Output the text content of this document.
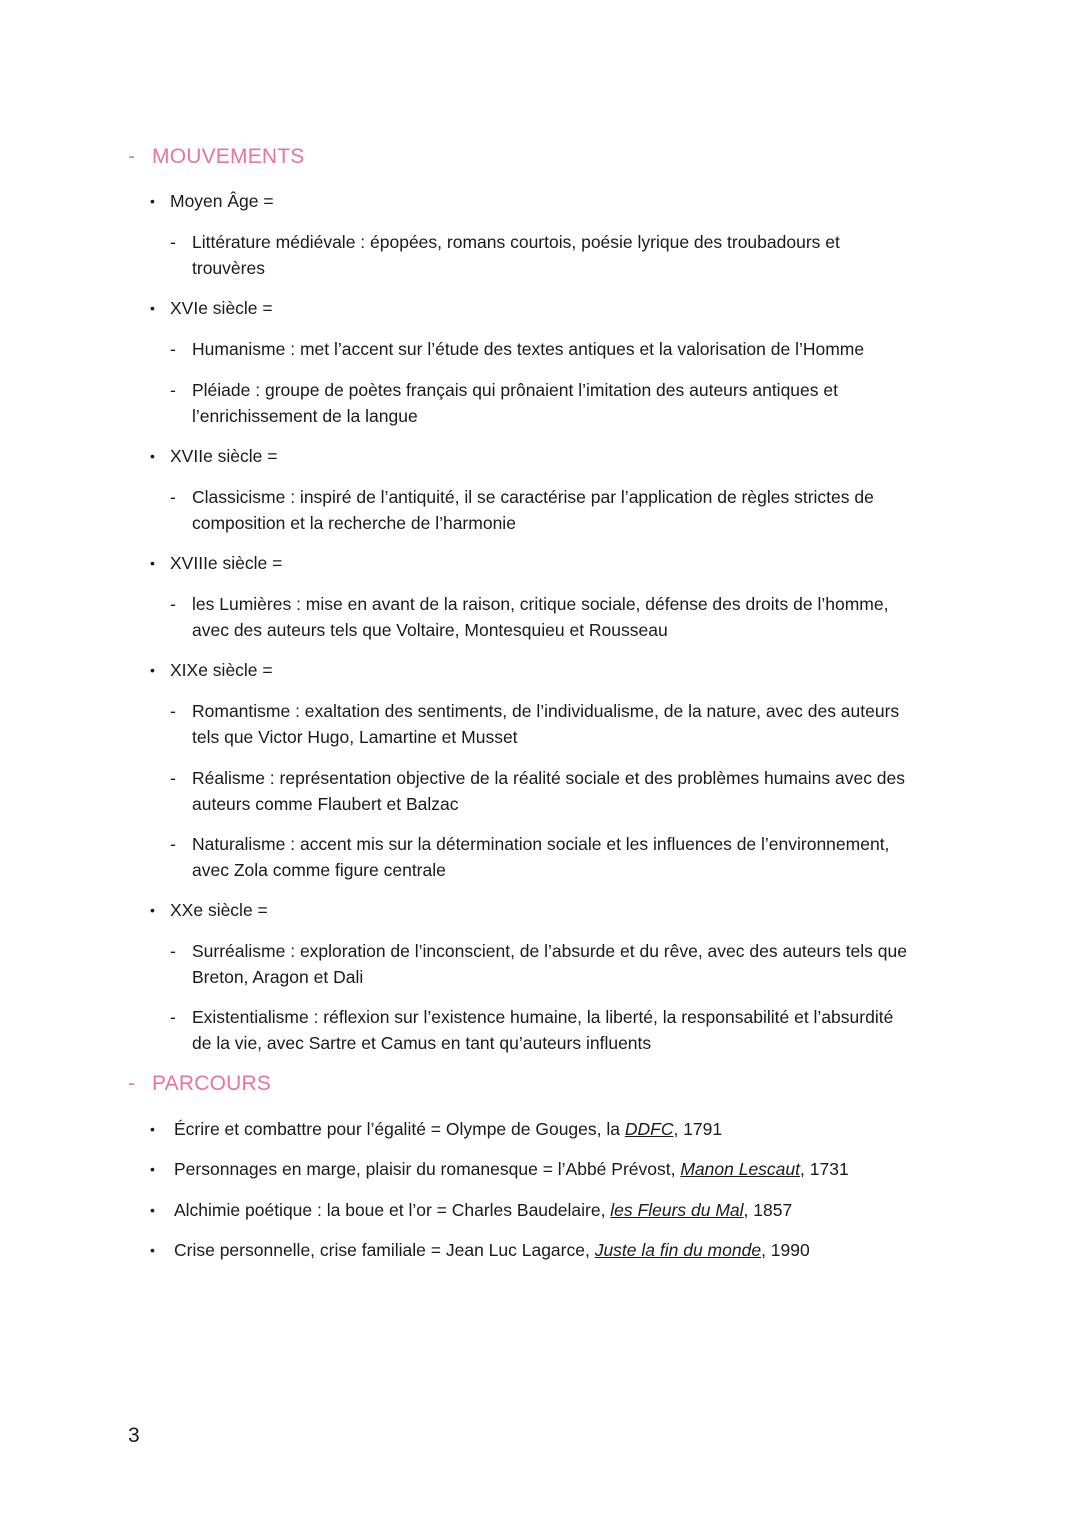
- MOUVEMENTS
• Moyen Âge =
- Littérature médiévale : épopées, romans courtois, poésie lyrique des troubadours et
trouvères
• XVIe siècle =
- Humanisme : met l’accent sur l’étude des textes antiques et la valorisation de l’Homme
- Pléiade : groupe de poètes français qui prônaient l’imitation des auteurs antiques et
l’enrichissement de la langue
• XVIIe siècle =
- Classicisme : inspiré de l’antiquité, il se caractérise par l’application de règles strictes de
composition et la recherche de l’harmonie
• XVIIIe siècle =
- les Lumières : mise en avant de la raison, critique sociale, défense des droits de l’homme,
avec des auteurs tels que Voltaire, Montesquieu et Rousseau
• XIXe siècle =
- Romantisme : exaltation des sentiments, de l’individualisme, de la nature, avec des auteurs
tels que Victor Hugo, Lamartine et Musset
- Réalisme : représentation objective de la réalité sociale et des problèmes humains avec des
auteurs comme Flaubert et Balzac
- Naturalisme : accent mis sur la détermination sociale et les influences de l’environnement,
avec Zola comme figure centrale
• XXe siècle =
- Surréalisme : exploration de l’inconscient, de l’absurde et du rêve, avec des auteurs tels que
Breton, Aragon et Dali
- Existentialisme : réflexion sur l’existence humaine, la liberté, la responsabilité et l’absurdité
de la vie, avec Sartre et Camus en tant qu’auteurs influents
- PARCOURS
• Écrire et combattre pour l’égalité = Olympe de Gouges, la DDFC, 1791
• Personnages en marge, plaisir du romanesque = l’Abbé Prévost, Manon Lescaut, 1731
• Alchimie poétique : la boue et l’or = Charles Baudelaire, les Fleurs du Mal, 1857
• Crise personnelle, crise familiale = Jean Luc Lagarce, Juste la fin du monde, 1990
3
